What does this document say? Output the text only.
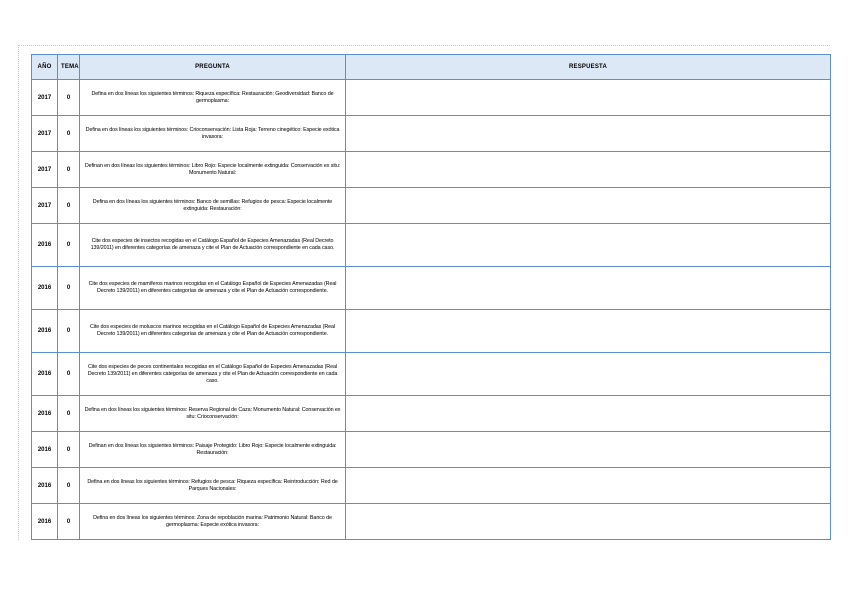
AÑO	TEMA	PREGUNTA	RESPUESTA
2017	0	Defina en dos líneas los siguientes términos: Riqueza específica: Restauración: Geodiversidad: Banco de germoplasma:	
2017	0	Defina en dos líneas los siguientes términos: Crioconservación: Lista Roja: Terreno cinegético: Especie exótica invasora:	
2017	0	Definan en dos líneas los siguientes términos: Libro Rojo: Especie localmente extinguida: Conservación ex situ: Monumento Natural:	
2017	0	Defina en dos líneas los siguientes términos: Banco de semillas: Refugios de pesca: Especie localmente extinguida: Restauración:	
2016	0	Cite dos especies de insectos recogidas en el Catálogo Español de Especies Amenazadas (Real Decreto 139/2011) en diferentes categorías de amenaza y cite el Plan de Actuación correspondiente en cada caso.	
2016	0	Cite dos especies de mamíferos marinos recogidas en el Catálogo Español de Especies Amenazadas (Real Decreto 139/2011) en diferentes categorías de amenaza y cite el Plan de Actuación correspondiente.	
2016	0	Cite dos especies de moluscos marinos recogidas en el Catálogo Español de Especies Amenazadas (Real Decreto 139/2011) en diferentes categorías de amenaza y cite el Plan de Actuación correspondiente.	
2016	0	Cite dos especies de peces continentales recogidas en el Catálogo Español de Especies Amenazadas (Real Decreto 139/2011) en diferentes categorías de amenaza y cite el Plan de Actuación correspondiente en cada caso.	
2016	0	Defina en dos líneas los siguientes términos: Reserva Regional de Caza: Monumento Natural: Conservación ex situ: Crioconservación:	
2016	0	Definan en dos líneas los siguientes términos: Paisaje Protegido: Libro Rojo: Especie localmente extinguida: Restauración:	
2016	0	Defina en dos líneas los siguientes términos: Refugios de pesca: Riqueza específica: Reintroducción: Red de Parques Nacionales:	
2016	0	Defina en dos líneas los siguientes términos: Zona de repoblación marina: Patrimonio Natural: Banco de germoplasma: Especie exótica invasora:	
